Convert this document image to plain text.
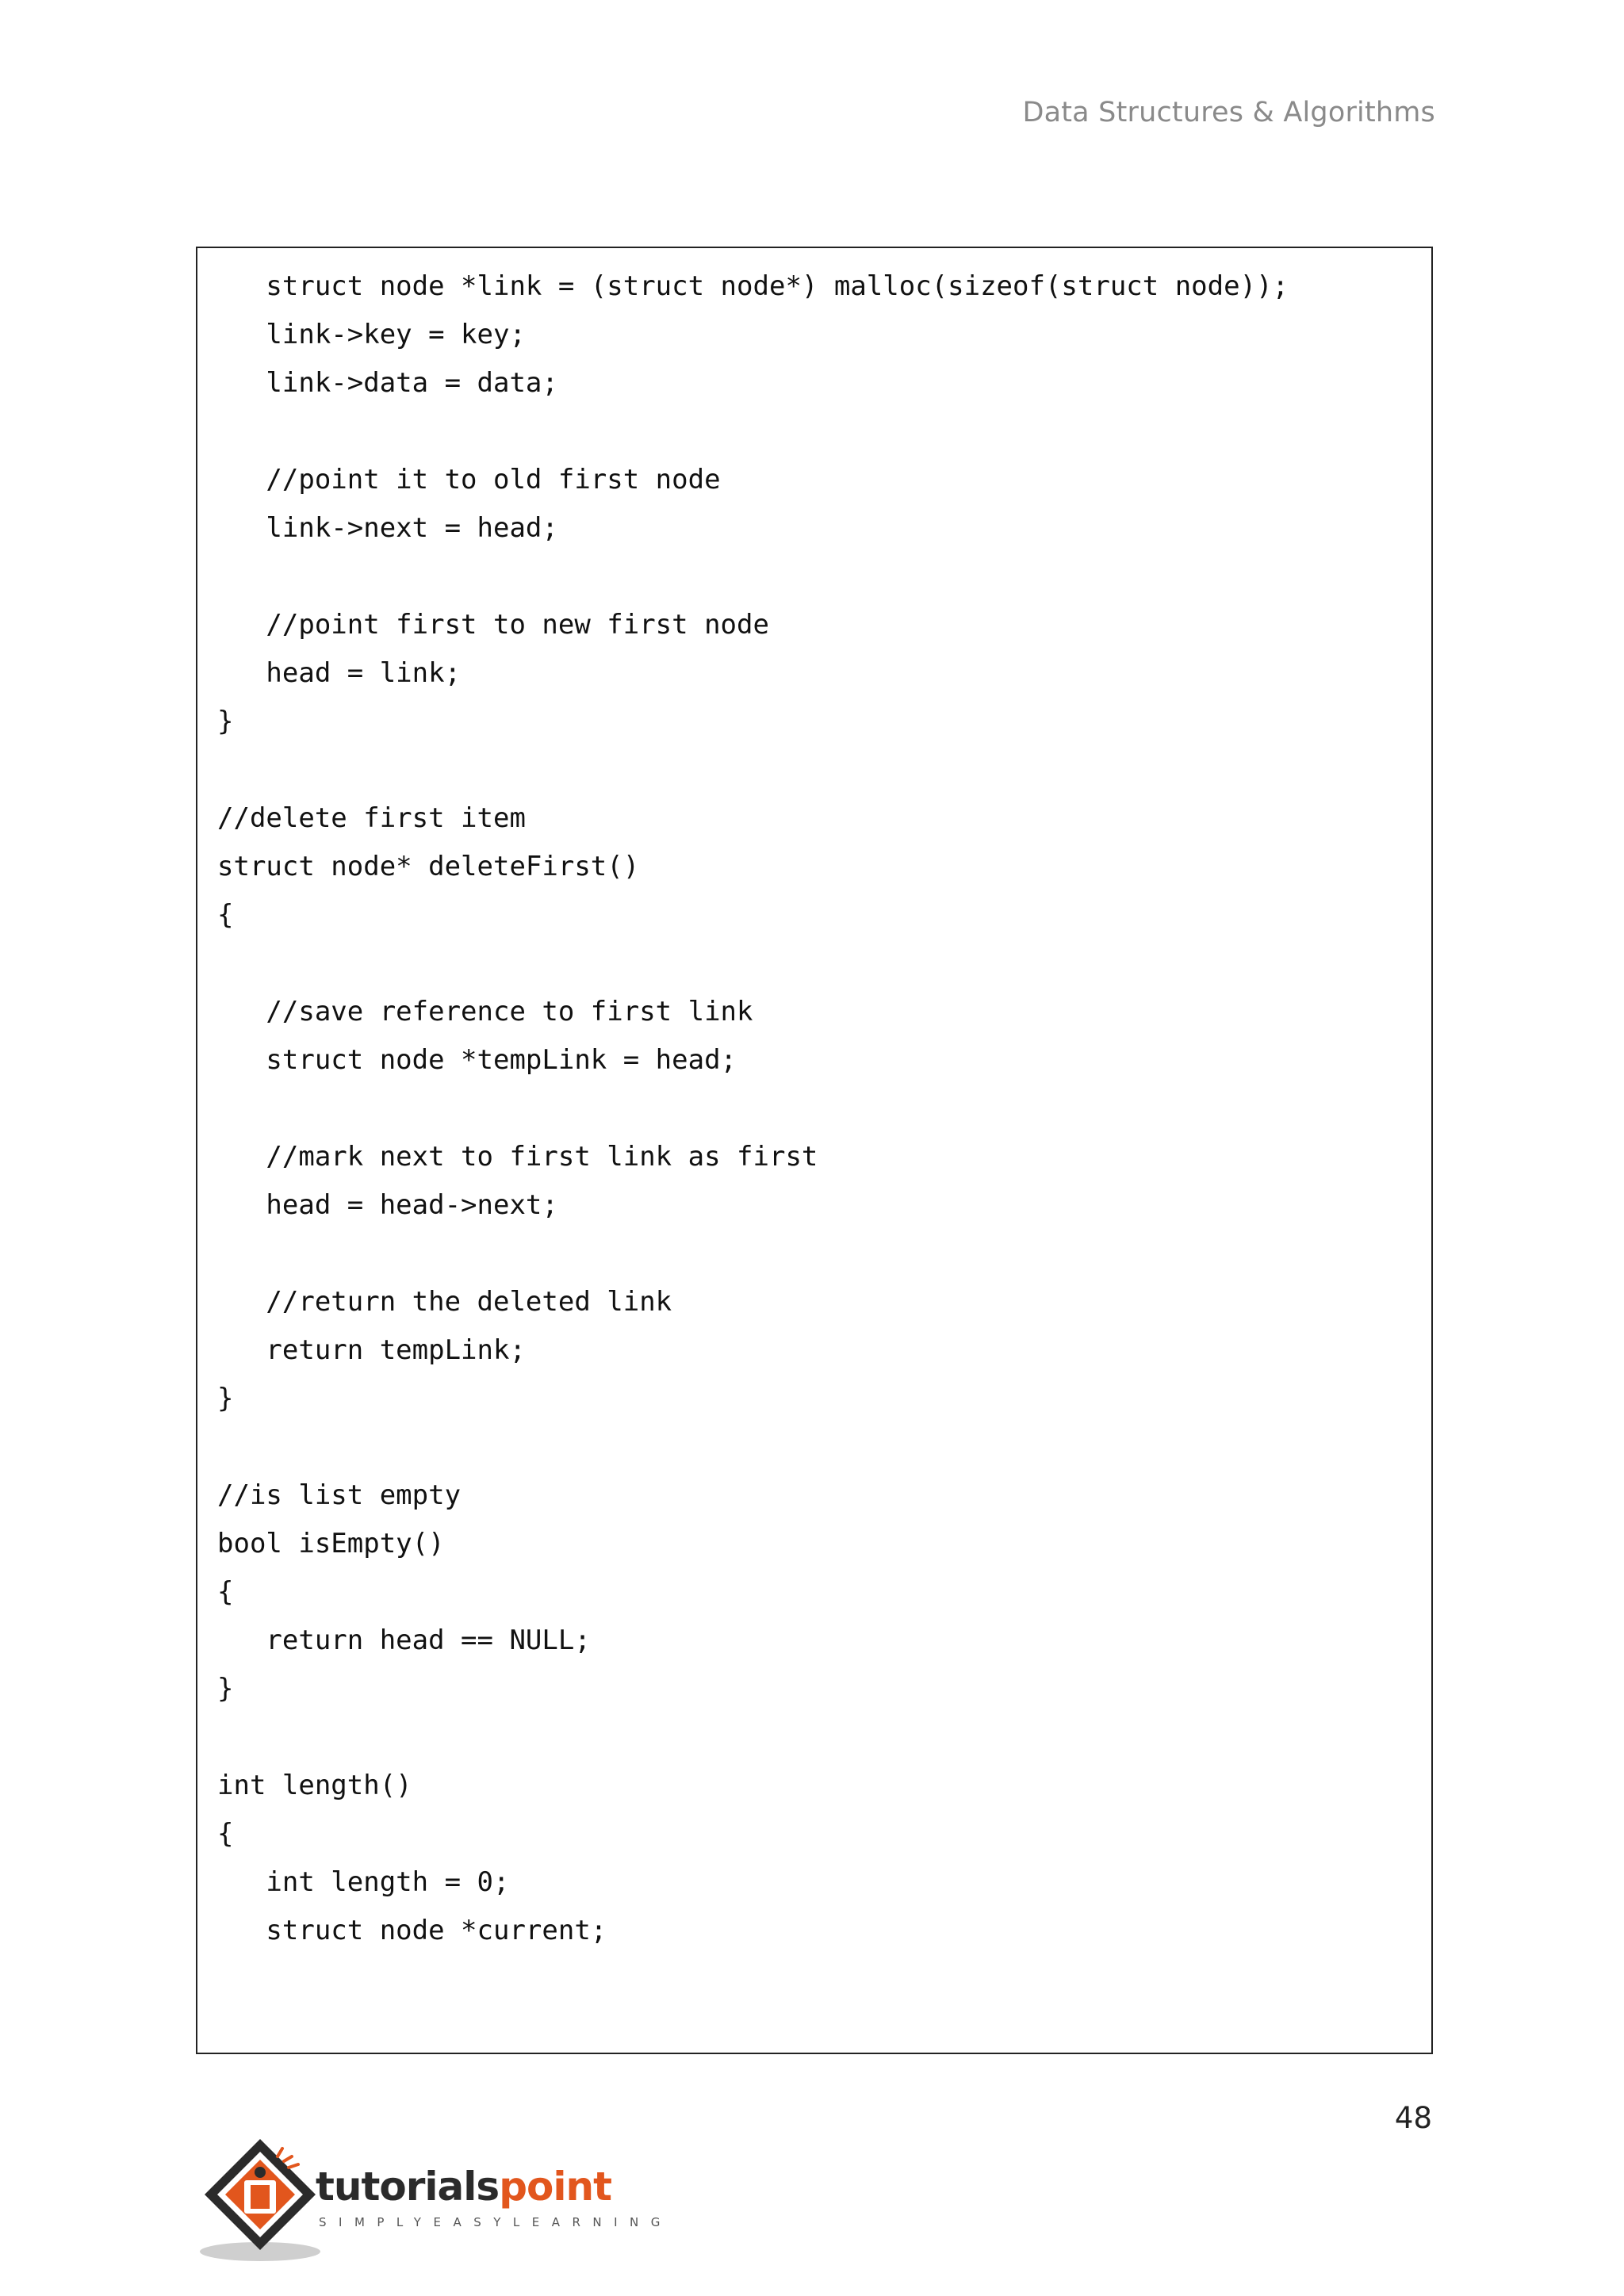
Data Structures & Algorithms
struct node *link = (struct node*) malloc(sizeof(struct node));
link->key = key;
link->data = data;
//point it to old first node
link->next = head;
//point first to new first node
head = link;
}
//delete first item
struct node* deleteFirst()
{
//save reference to first link
struct node *tempLink = head;
//mark next to first link as first
head = head->next;
//return the deleted link
return tempLink;
}
//is list empty
bool isEmpty()
{
return head == NULL;
}
int length()
{
int length = 0;
struct node *current;
48
tutorialspoint
SIMPLYEASYLEARNING
